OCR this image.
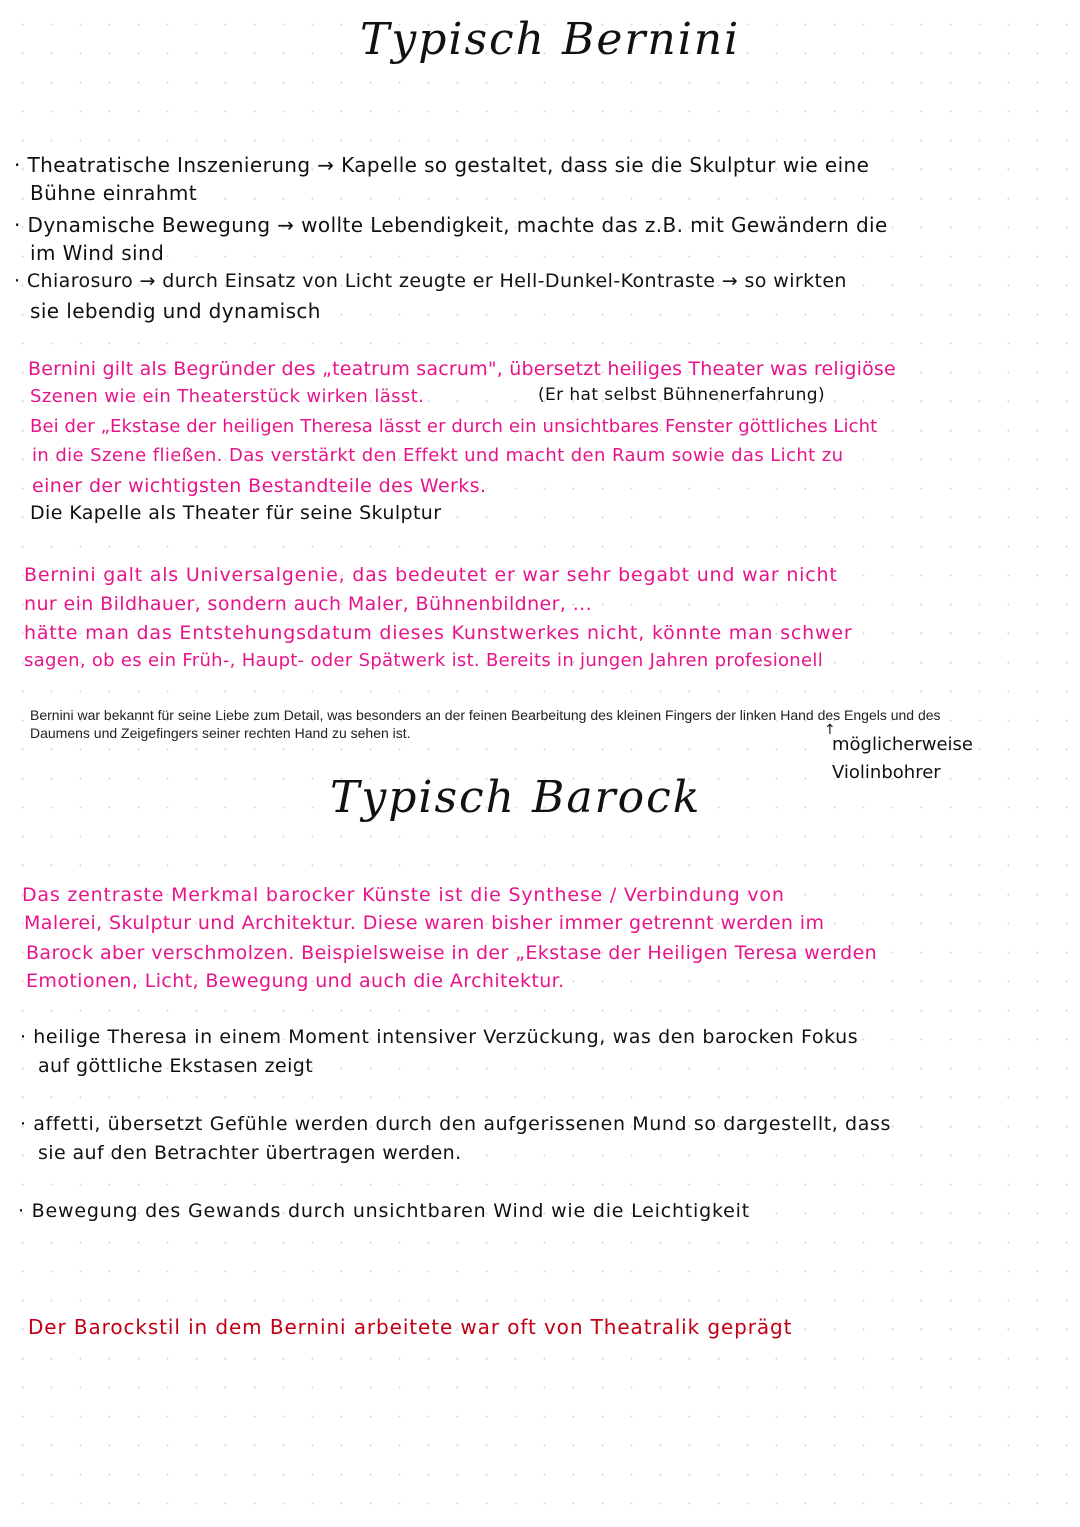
Typisch Bernini
· Theatratische Inszenierung → Kapelle so gestaltet, dass sie die Skulptur wie eine
Bühne einrahmt
· Dynamische Bewegung → wollte Lebendigkeit, machte das z.B. mit Gewändern die
im Wind sind
· Chiarosuro → durch Einsatz von Licht zeugte er Hell-Dunkel-Kontraste → so wirkten
sie lebendig und dynamisch
Bernini gilt als Begründer des „teatrum sacrum", übersetzt heiliges Theater was religiöse
Szenen wie ein Theaterstück wirken lässt.	(Er hat selbst Bühnenerfahrung)
Bei der „Ekstase der heiligen Theresa lässt er durch ein unsichtbares Fenster göttliches Licht
in die Szene fließen. Das verstärkt den Effekt und macht den Raum sowie das Licht zu
einer der wichtigsten Bestandteile des Werks.
Die Kapelle als Theater für seine Skulptur
Bernini galt als Universalgenie, das bedeutet er war sehr begabt und war nicht
nur ein Bildhauer, sondern auch Maler, Bühnenbildner, ...
hätte man das Entstehungsdatum dieses Kunstwerkes nicht, könnte man schwer
sagen, ob es ein Früh-, Haupt- oder Spätwerk ist. Bereits in jungen Jahren profesionell
Bernini war bekannt für seine Liebe zum Detail, was besonders an der feinen Bearbeitung des kleinen Fingers der linken Hand des Engels und des
Daumens und Zeigefingers seiner rechten Hand zu sehen ist.	↑
möglicherweise
Violinbohrer
Typisch Barock
Das zentraste Merkmal barocker Künste ist die Synthese / Verbindung von
Malerei, Skulptur und Architektur. Diese waren bisher immer getrennt werden im
Barock aber verschmolzen. Beispielsweise in der „Ekstase der Heiligen Teresa werden
Emotionen, Licht, Bewegung und auch die Architektur.
· heilige Theresa in einem Moment intensiver Verzückung, was den barocken Fokus
auf göttliche Ekstasen zeigt
· affetti, übersetzt Gefühle werden durch den aufgerissenen Mund so dargestellt, dass
sie auf den Betrachter übertragen werden.
· Bewegung des Gewands durch unsichtbaren Wind wie die Leichtigkeit
Der Barockstil in dem Bernini arbeitete war oft von Theatralik geprägt
